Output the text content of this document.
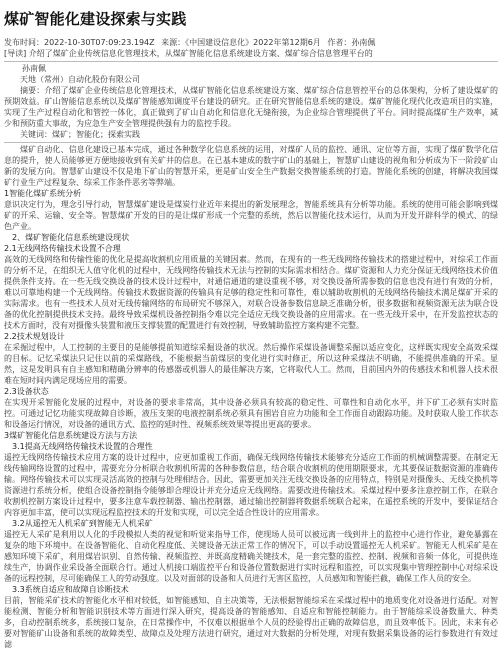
煤矿智能化建设探索与实践

发布时间：2022-10-30T07:09:23.194Z 来源：《中国建设信息化》2022年第12期6月 作者：孙南佩

[导读] 介绍了煤矿企业传统信息化管理技术，从煤矿智能化信息系统建设方案、煤矿综合信息管理平台的

孙南佩
天地（常州）自动化股份有限公司

摘要：介绍了煤矿企业传统信息化管理技术，从煤矿智能化信息系统建设方案、煤矿综合信息管控平台的总体架构，分析了建设煤矿的预期效益。矿山智能信息系统以及煤矿智能感知调度平台建设的研究。正在研究智能信息系统的建设。煤矿智能化现代化改造项目的实施，实现了生产过程自动化和管控一体化，真正做到了矿山自动化和信息化无缝衔接，为企业综合管理提供了平台。同时提高煤矿生产效率，减少和预防重大事故，为应急生产安全管理提供强有力的监控手段。

关键词：煤矿；智能化；探索实践

煤矿自动化、信息化建设已基本完成，通过各种数学化信息系统的运用，对煤矿人员的监控、通讯、定位等方面，实现了煤矿数学化信息的提升，使人员能够更方便地接收到有关矿井的信息。在已基本建成的数字矿山的基础上，智慧矿山建设的视角和分析成为下一阶段矿山新的发展方向。智慧矿山建设不仅是地下矿山的智慧开采，更是矿山安全生产数据交换智能系统的打造。智能化系统的创建，将解决我国煤矿行业生产过程复杂、综采工作条件恶劣等弊端。

1智能化煤矿系统分析

意识决定行为，理念引导行动，智慧煤矿建设是煤炭行业近年来提出的新发展理念，智能系统具有分析等功能。系统的使用可能会影响到煤矿的开采、运输、安全等。智慧煤矿开发的目的是让煤矿形成一个完整的系统，然后以智能化技术运行，从而为开发开辟科学的模式、的绿色产业。

2、煤矿智能化信息系统建设现状
2.1无线网络传输技术设置不合理

高效的无线网络和传输性能的优化是提高收割机应用质量的关键因素。然而，在现有的一些无线网络传输技术的搭建过程中，对综采工作面的分析不足，在组织无人值守化机的过程中，无线网络传输技术无法与控制的实际需求相结合。煤矿资源和人力充分保证无线网络技术价值提供条件支持。在一些无线交换设备的技术设计过程中，对通信通道的建设重视不够，对交换设备所需参数的信息也没有进行有效的分析，难以可靠地构建一个无线网络。传输技术数据资源的传输具有足够的稳定性和可靠性，难以辅助收割机的无线网络传输技术满足煤矿开采的实际需求。也有一些技术人员对无线传输网络的布局研究不够深入，对联合设备参数信息缺乏准确分析，很多数据和视频资源无法为联合设备的优化控制提供技术支持。最终导致采煤机设备控制指令难以完全适应无线交换设备的应用需求。在一些无线开采中，在开发监控状态的技术方面时，没有对摄像头装置和液压支撑装置的配置进行有效控制，导致辅助监控方案构建不完整。

2.2技术规划设计

在采掘过程中，人工控制的主要目的是能够提前知道综采掘设备的状况。然后操作采煤设备调整采掘以适应变化，这样既实现安全高效采煤的目标。记忆采煤法只记住以前的采煤路线，不能根据当前煤层的变化进行实时修正，所以这种采煤法不明确，不能提供准确的开采。显然，这是发明具有自主感知和精确分辨率的传感器或机器人的最佳解决方案，它将取代人工。然而，目前国内外的传感技术和机器人技术很难在短时间内满足现场应用的需要。

2.3设备状态

在实现开采智能化发展的过程中，对设备的要求非常高，其中设备必须具有较高的稳定性、可靠性和自动化水平，并下矿工必须有实时监控。可通过记忆功能实现故障自诊断，液压支架的电液控制系统必须具有围岩自应力功能和全工作面自动跟踪功能。及时获取人脸工作状态和设备运行情况，对设备的通讯方式、监控的延时性、视频系统效果等提出更高的要求。

3煤矿智能化信息系统建设方法与方法
3.1提高无线网络传输技术设置的合理性

遥控无线网络传输技术应用方案的设计过程中，应更加重视工作面，确保无线网络传输技术能够充分适应工作面的机械调整需要。在制定无线传输网络设置的过程中，需要充分分析联合收割机所需的各种参数信息，结合联合收割机的使用期限要求，尤其要保证数据资源的准确传输。网络传输技术可以实现灵活高效的控制与处理相结合。因此，需要更加关注无线交换设备的应用特点，特别是对摄像头、无线交换机等资源进行系统分析，使组合设备控制指令能够即合理设计并充分适应无线网络。需要改进传输技术。采煤过程中要多注意控制工作，在联合收割机控制方案设计过程中，要多注意车载控制器、输出控制器，通过输出控制器将数据系统联合起来，在遥控系统的开发中，要保证结合内容更加丰富，使可以实现远程监控技术的开发和实现，可以完全适合性设计的应用需求。

3.2从遥控无人机采矿到智能无人机采矿

遥控无人采矿是利用以人化的手段模拟人类的视觉和听觉来指导工作，使现场人员可以被远离一线到井上的监控中心进行作业，避免暴露在复杂的地下环境中。在设备智能化、自动化程度低、关键设备无法正常工作的情况下，可以手动设置遥控无人机采矿。智能无人机采矿是在感知环境下采矿，利用煤岩识别、自然传输、视频监控、并既高度精确关键技术，是一套完整的监控、控制、视频和音频一体化，可提供连续生产，协调作业采设备全面联合行。通过人机接口端监控平台和设备位置数据进行实时远程和监控，可以实现集中管理控制中心对综采设备的远程控制，尽可能确保工人的劳动强度。以及对面部的设备和人员进行无害区监控，人员感知和智能拦截，确保工作人员的安全。

3.3系统自适应和故障自诊断技术

目前，智能采矿技术的智能化水平相对较低，如智能感知、自主决策等，无法根据智能综采在采煤过程中的地质变化对设备进行适配。对智能检测、智能分析和智能识别技术等方面进行深入研究，提高设备的智能感知、自适应和智能控制能力。由于智能综采设备数量大、种类多，自动控制系统多，系统接口复杂，在日常操作中，不仅难以根据单个人员的经验得出正确的故障信息，而且效率低下。因此，未来有必要对智能矿山设备和系统的故障类型、故障点及处理方法进行研究，通过对大数据的分析处理，对现有数据采集设备的运行参数进行有效过滤
